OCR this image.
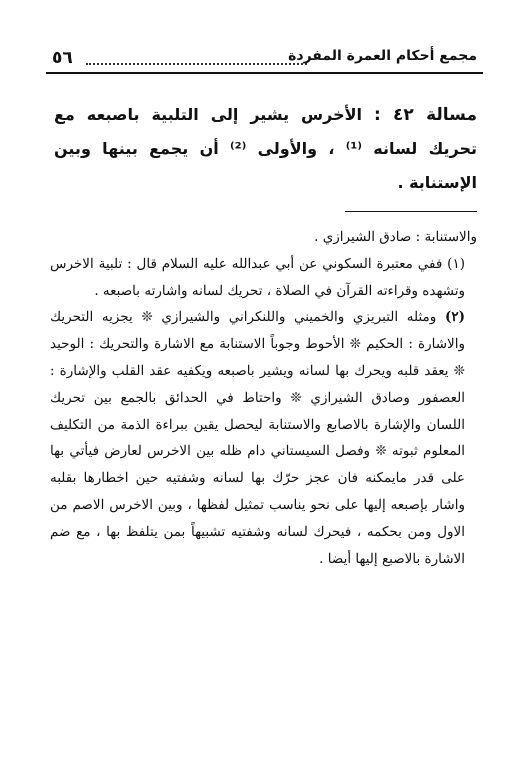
٥٦	مجمع أحكام العمرة المفردة
مسالة ٤٢ : الأخرس يشير إلى التلبية باصبعه مع تحريك لسانه ⁽¹⁾ ، والأولى ⁽²⁾ أن يجمع بينها وبين الإستنابة .

والاستنابة : صادق الشيرازي .

(١) ففي معتبرة السكوني عن أبي عبدالله عليه السلام قال : تلبية الاخرس وتشهده وقراءته القرآن في الصلاة ، تحريك لسانه واشارته باصبعه .

(٢) ومثله التبريزي والخميني واللنكراني والشيرازي ❊ يجزيه التحريك والاشارة : الحكيم ❊ الأحوط وجوباً الاستنابة مع الاشارة والتحريك : الوحيد ❊ يعقد قلبه ويحرك بها لسانه ويشير باصبعه ويكفيه عقد القلب والإشارة : العصفور وصادق الشيرازي ❊ واحتاط في الحدائق بالجمع بين تحريك اللسان والإشارة بالاصابع والاستنابة ليحصل يقين ببراءة الذمة من التكليف المعلوم ثبوته ❊ وفصل السيستاني دام ظله بين الاخرس لعارض فيأتي بها على قدر مايمكنه فان عجز حرّك بها لسانه وشفتيه حين اخطارها بقلبه واشار بإصبعه إليها على نحو يناسب تمثيل لفظها ، وبين الاخرس الاصم من الاول ومن بحكمه ، فيحرك لسانه وشفتيه تشبيهاً بمن يتلفظ بها ، مع ضم الاشارة بالاصبع إليها أيضا .
